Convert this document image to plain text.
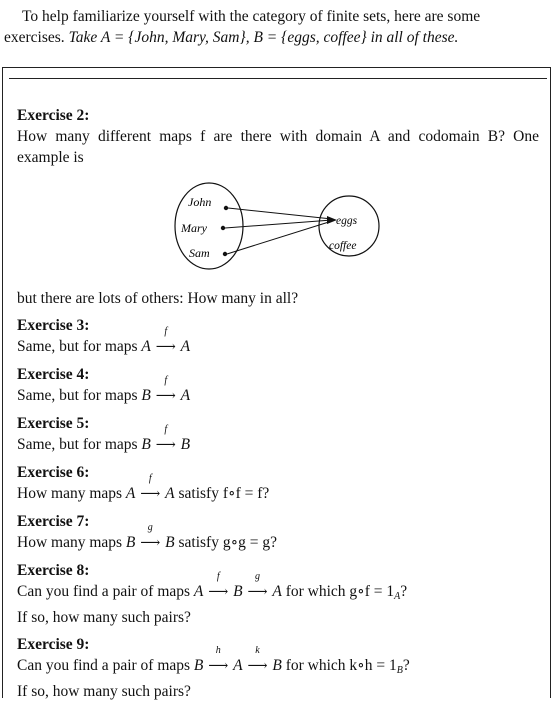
To help familiarize yourself with the category of finite sets, here are some

exercises. Take A = {John, Mary, Sam}, B = {eggs, coffee} in all of these.

Exercise 2:
How many different maps f are there with domain A and codomain B? One example is
John
Mary
Sam
eggs
coffee
but there are lots of others: How many in all?
Exercise 3:
Same, but for maps A
f
⟶ A
Exercise 4:
Same, but for maps B
f
⟶ A
Exercise 5:
Same, but for maps B
f
⟶ B
Exercise 6:
How many maps A
f
⟶ A satisfy f∘f = f?
Exercise 7:
How many maps B
g
⟶ B satisfy g∘g = g?
Exercise 8:
Can you find a pair of maps A
f
⟶ B
g
⟶ A for which g∘f = $1_A$?
If so, how many such pairs?
Exercise 9:
Can you find a pair of maps B
h
⟶ A
k
⟶ B for which k∘h = $1_B$?
If so, how many such pairs?
